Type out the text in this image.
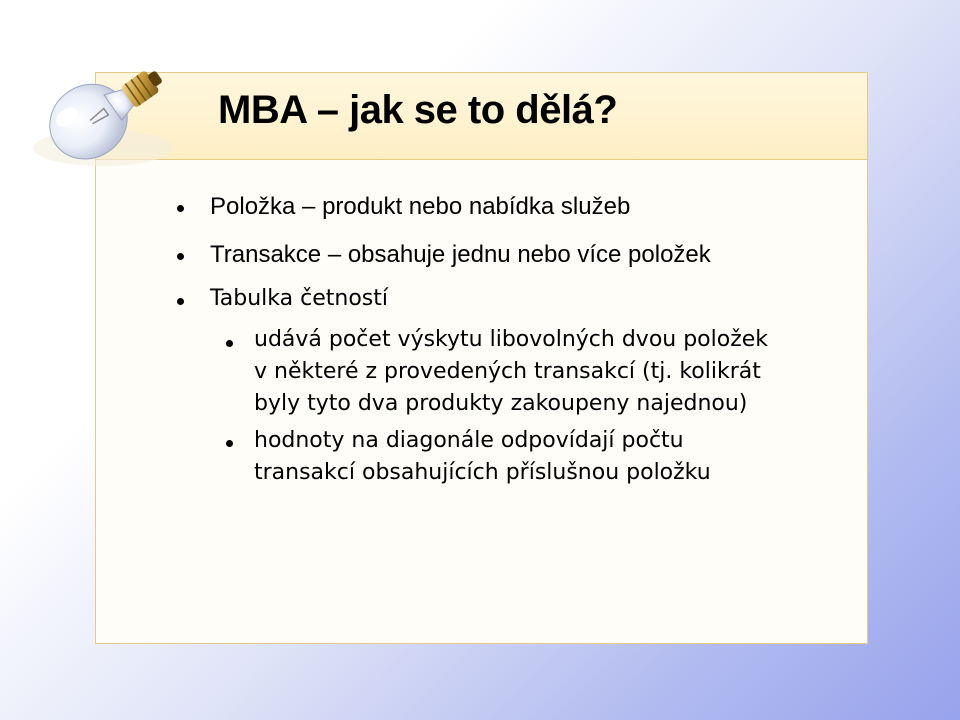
MBA – jak se to dělá?
Položka – produkt nebo nabídka služeb
Transakce – obsahuje jednu nebo více položek
Tabulka četností
udává počet výskytu libovolných dvou položek
v některé z provedených transakcí (tj. kolikrát
byly tyto dva produkty zakoupeny najednou)
hodnoty na diagonále odpovídají počtu
transakcí obsahujících příslušnou položku
